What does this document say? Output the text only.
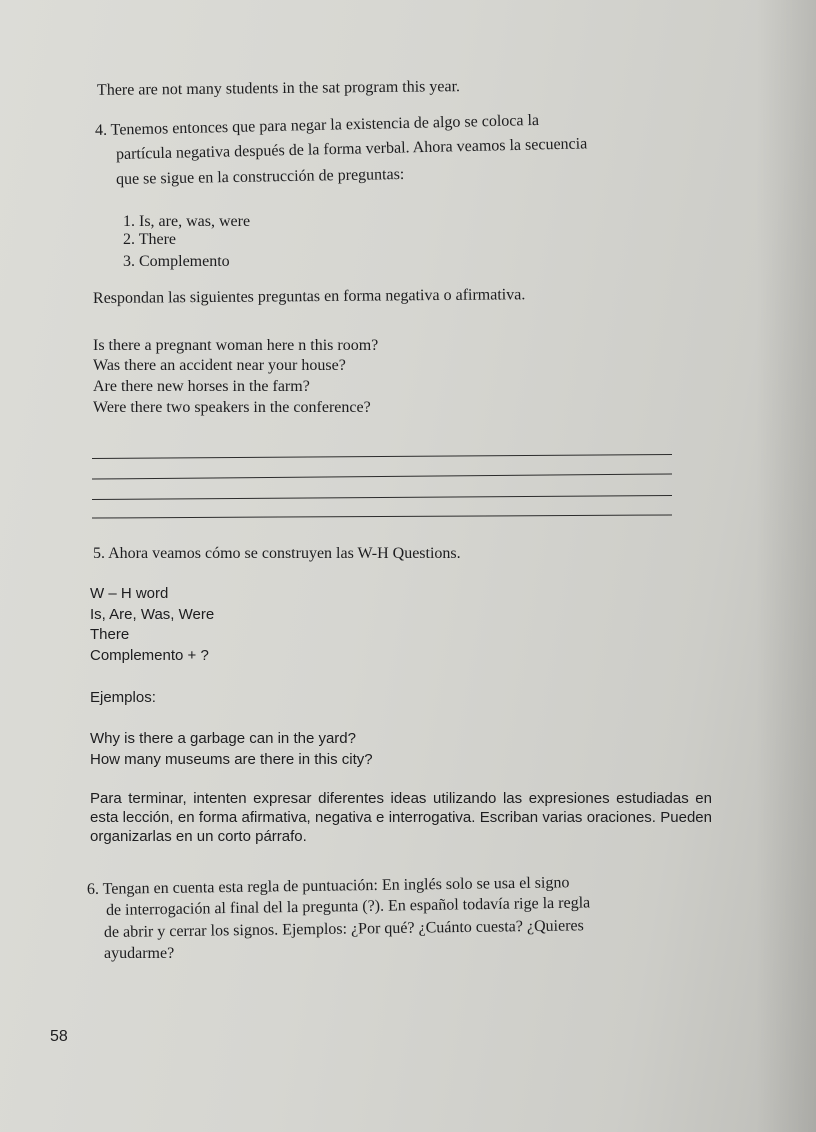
There are not many students in the sat program this year.
4. Tenemos entonces que para negar la existencia de algo se coloca la
partícula negativa después de la forma verbal. Ahora veamos la secuencia
que se sigue en la construcción de preguntas:
1. Is, are, was, were
2. There
3. Complemento
Respondan las siguientes preguntas en forma negativa o afirmativa.
Is there a pregnant woman here n this room?
Was there an accident near your house?
Are there new horses in the farm?
Were there two speakers in the conference?
5. Ahora veamos cómo se construyen las W-H Questions.
W – H word
Is, Are, Was, Were
There
Complemento + ?
Ejemplos:
Why is there a garbage can in the yard?
How many museums are there in this city?
Para terminar, intenten expresar diferentes ideas utilizando las expresiones estudiadas en esta lección, en forma afirmativa, negativa e interrogativa. Escriban varias oraciones. Pueden organizarlas en un corto párrafo.
6. Tengan en cuenta esta regla de puntuación: En inglés solo se usa el signo
de interrogación al final del la pregunta (?). En español todavía rige la regla
de abrir y cerrar los signos. Ejemplos: ¿Por qué? ¿Cuánto cuesta? ¿Quieres
ayudarme?
58
